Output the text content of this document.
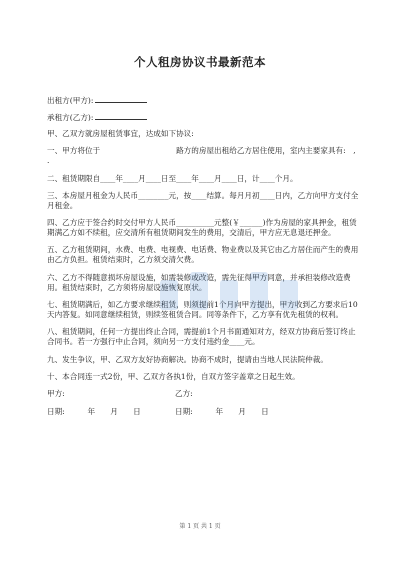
个人租房协议书最新范本

出租方(甲方):

承租方(乙方):

甲、乙双方就房屋租赁事宜，达成如下协议:

一、甲方将位于　　　　　　　　　　路方的房屋出租给乙方居住使用，室内主要家具有:　,　　　　　.

二、租赁期限自____年____月____日至____年____月____日，计____个月。

三、本房屋月租金为人民币________元，按____结算。每月月初____日内，乙方向甲方支付全月租金。

四、乙方应于签合约时交付甲方人民币__________元整(￥______)作为房屋的家具押金，租赁期满乙方如不续租，应交清所有租赁期间发生的费用，交清后，甲方应无息退还押金。

五、乙方租赁期间，水费、电费、电视费、电话费、物业费以及其它由乙方居住而产生的费用由乙方负担。租赁结束时，乙方须交清欠费。

六、乙方不得随意损坏房屋设施，如需装修或改造，需先征得甲方同意，并承担装修改造费用。租赁结束时，乙方须将房屋设施恢复原状。

七、租赁期满后，如乙方要求继续租赁，则须提前1个月向甲方提出，甲方收到乙方要求后10天内答复。如同意继续租赁，则续签租赁合同。同等条件下，乙方享有优先租赁的权利。

八、租赁期间，任何一方提出终止合同，需提前1个月书面通知对方，经双方协商后签订终止合同书。若一方强行中止合同，须向另一方支付违约金____元。

九、发生争议，甲、乙双方友好协商解决。协商不成时，提请由当地人民法院仲裁。

十、本合同连一式2份，甲、乙双方各执1份，自双方签字盖章之日起生效。

甲方:	乙方:
日期:　　　年　　月　　日	日期:　　　年　　月　　日
第 1 页 共 1 页
